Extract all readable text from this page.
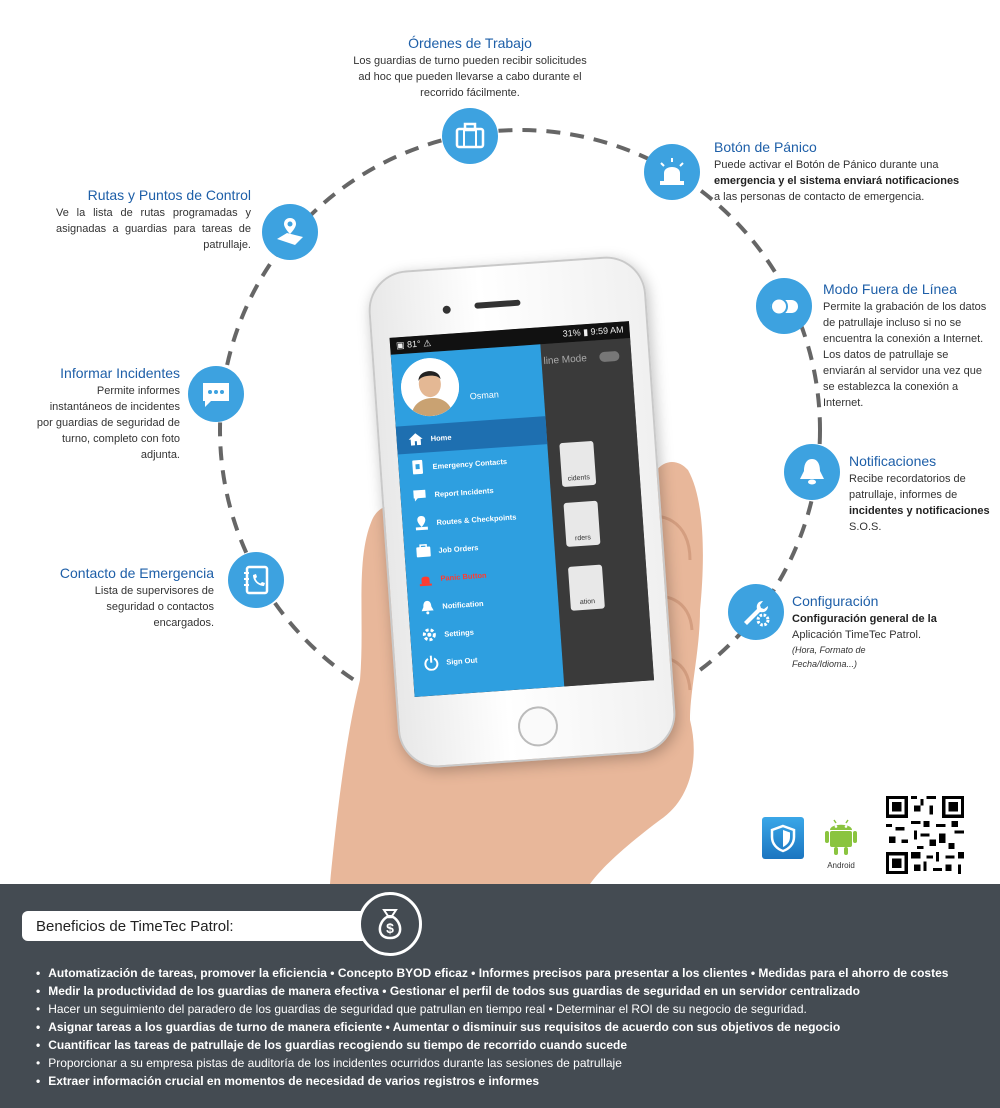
▣ 81° ⚠
31% ▮ 9:59 AM
line Mode
cidents
rders
ation
Osman
Home
Emergency Contacts
Report Incidents
Routes & Checkpoints
Job Orders
Panic Button
Notification
Settings
Sign Out
Órdenes de Trabajo
Los guardias de turno pueden recibir solicitudes ad hoc que pueden llevarse a cabo durante el recorrido fácilmente.
Botón de Pánico
Puede activar el Botón de Pánico durante una
emergencia y el sistema enviará notificaciones
a las personas de contacto de emergencia.
Rutas y Puntos de Control
Ve la lista de rutas programadas y asignadas a guardias para tareas de patrullaje.
Modo Fuera de Línea
Permite la grabación de los datos de patrullaje incluso si no se encuentra la conexión a Internet. Los datos de patrullaje se enviarán al servidor una vez que se establezca la conexión a Internet.
Informar Incidentes
Permite informes instantáneos de incidentes por guardias de seguridad de turno, completo con foto adjunta.	Notificaciones
Recibe recordatorios de patrullaje, informes de
incidentes y notificaciones
S.O.S.
Contacto de Emergencia
Lista de supervisores de seguridad o contactos encargados.
Configuración
Configuración general de la
Aplicación TimeTec Patrol.
(Hora, Formato de Fecha/Idioma...)
Android
Beneficios de TimeTec Patrol:	$
• Automatización de tareas, promover la eficiencia • Concepto BYOD eficaz • Informes precisos para presentar a los clientes • Medidas para el ahorro de costes
• Medir la productividad de los guardias de manera efectiva • Gestionar el perfil de todos sus guardias de seguridad en un servidor centralizado
• Hacer un seguimiento del paradero de los guardias de seguridad que patrullan en tiempo real • Determinar el ROI de su negocio de seguridad.
• Asignar tareas a los guardias de turno de manera eficiente • Aumentar o disminuir sus requisitos de acuerdo con sus objetivos de negocio
• Cuantificar las tareas de patrullaje de los guardias recogiendo su tiempo de recorrido cuando sucede
• Proporcionar a su empresa pistas de auditoría de los incidentes ocurridos durante las sesiones de patrullaje
• Extraer información crucial en momentos de necesidad de varios registros e informes
